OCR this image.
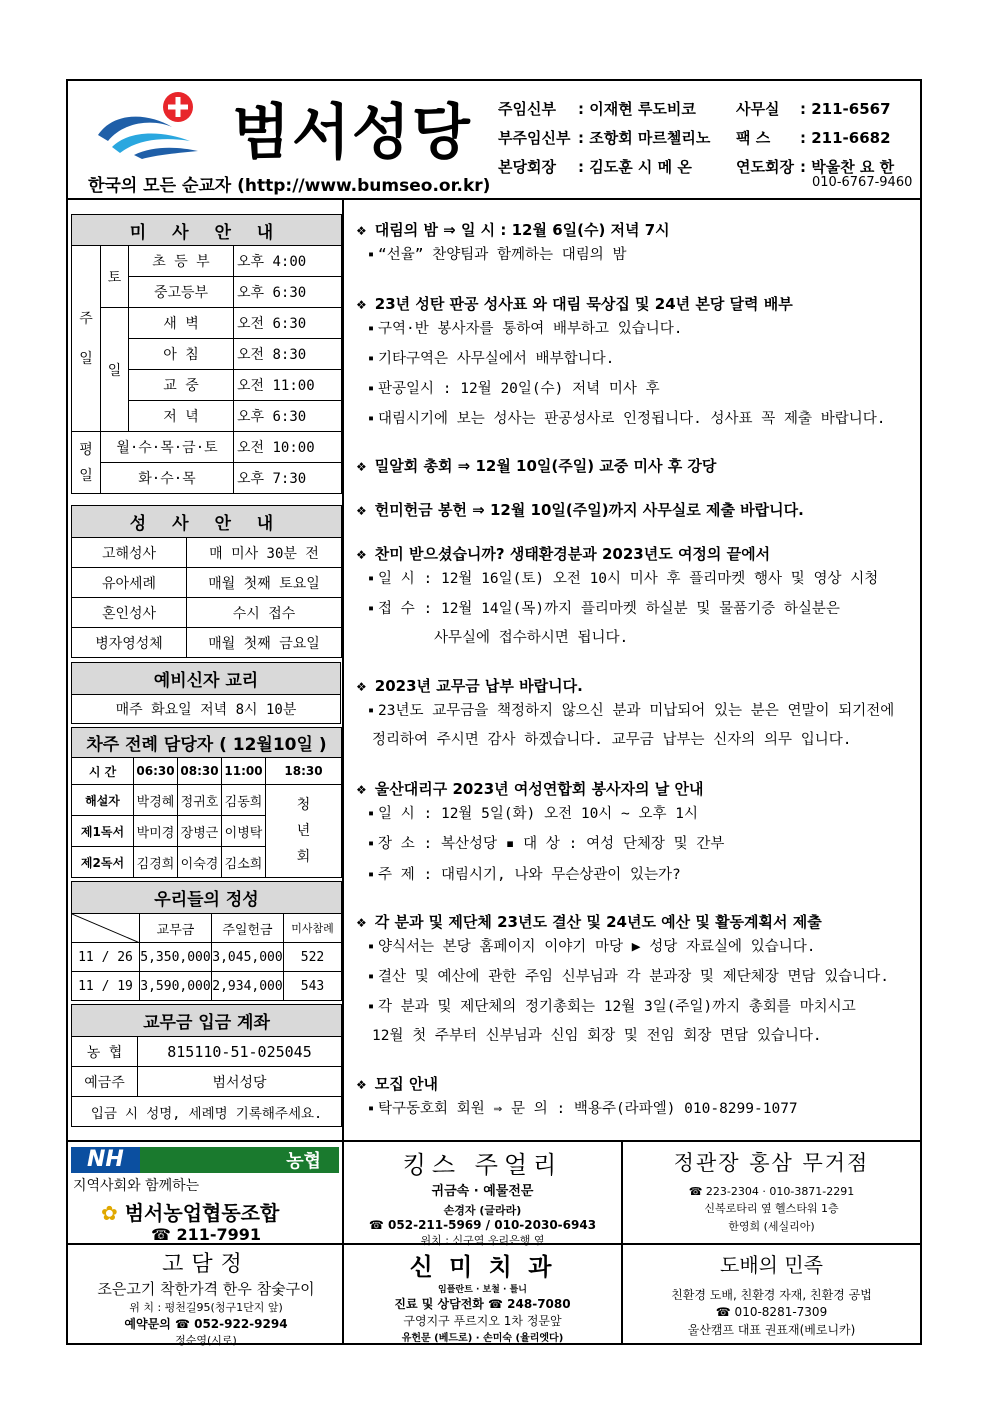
범서성당
한국의 모든 순교자 (http://www.bumseo.or.kr)
주임신부 : 이재현 루도비코
부주임신부 : 조항회 마르첼리노
본당회장 : 김도훈 시 메 온
사무실 : 211-6567
팩 스 : 211-6682
연도회장 : 박울찬 요 한
010-6767-9460
미 사 안 내			
주

일	토	초 등 부	오후 4:00
		중고등부	오후 6:30
	일	새 벽	오전 6:30
		아 침	오전 8:30
		교 중	오전 11:00
		저 녁	오후 6:30
평
일	월·수·목·금·토		오전 10:00
	화·수·목		오후 7:30
성 사 안 내	
고해성사	매 미사 30분 전
유아세례	매월 첫째 토요일
혼인성사	수시 접수
병자영성체	매월 첫째 금요일
예비신자 교리
매주 화요일 저녁 8시 10분
차주 전례 담당자 ( 12월10일 )				
시 간	06:30	08:30	11:00	18:30
해설자	박경혜	정귀호	김동희	청
년
회
제1독서	박미경	장병근	이병탁	
제2독서	김경희	이숙경	김소희	
우리들의 정성			

	교무금	주일헌금	미사참례
11 / 26	5,350,000	3,045,000	522
11 / 19	3,590,000	2,934,000	543
교무금 입금 계좌	
농 협	815110-51-025045
예금주	범서성당
입금 시 성명, 세례명 기록해주세요.	
❖ 대림의 밤 ⇒ 일 시 : 12월 6일(수) 저녁 7시
▪ “선율” 찬양팀과 함께하는 대림의 밤
❖ 23년 성탄 판공 성사표 와 대림 묵상집 및 24년 본당 달력 배부
▪ 구역·반 봉사자를 통하여 배부하고 있습니다.
▪ 기타구역은 사무실에서 배부합니다.
▪ 판공일시 : 12월 20일(수) 저녁 미사 후
▪ 대림시기에 보는 성사는 판공성사로 인정됩니다. 성사표 꼭 제출 바랍니다.
❖ 밀알회 총회 ⇒ 12월 10일(주일) 교중 미사 후 강당
❖ 헌미헌금 봉헌 ⇒ 12월 10일(주일)까지 사무실로 제출 바랍니다.
❖ 찬미 받으셨습니까? 생태환경분과 2023년도 여정의 끝에서
▪ 일 시 : 12월 16일(토) 오전 10시 미사 후 플리마켓 행사 및 영상 시청
▪ 접 수 : 12월 14일(목)까지 플리마켓 하실분 및 물품기증 하실분은
사무실에 접수하시면 됩니다.
❖ 2023년 교무금 납부 바랍니다.
▪ 23년도 교무금을 책정하지 않으신 분과 미납되어 있는 분은 연말이 되기전에
정리하여 주시면 감사 하겠습니다. 교무금 납부는 신자의 의무 입니다.
❖ 울산대리구 2023년 여성연합회 봉사자의 날 안내
▪ 일 시 : 12월 5일(화) 오전 10시 ~ 오후 1시
▪ 장 소 : 복산성당 ▪ 대 상 : 여성 단체장 및 간부
▪ 주 제 : 대림시기, 나와 무슨상관이 있는가?
❖ 각 분과 및 제단체 23년도 결산 및 24년도 예산 및 활동계획서 제출
▪ 양식서는 본당 홈페이지 이야기 마당 ▶ 성당 자료실에 있습니다.
▪ 결산 및 예산에 관한 주임 신부님과 각 분과장 및 제단체장 면담 있습니다.
▪ 각 분과 및 제단체의 정기총회는 12월 3일(주일)까지 총회를 마치시고
12월 첫 주부터 신부님과 신임 회장 및 전임 회장 면담 있습니다.
❖ 모집 안내
▪ 탁구동호회 회원 ⇒ 문 의 : 백용주(라파엘) 010-8299-1077
NH	농협
지역사회와 함께하는
✿ 범서농업협동조합
☎ 211-7991
킹스 주얼리
귀금속 · 예물전문
손경자 (글라라)
☎ 052-211-5969 / 010-2030-6943
위치 : 신구역 우리은행 옆
정관장 홍삼 무거점
☎ 223-2304 · 010-3871-2291
신복로타리 옆 헬스타워 1층
한영희 (세실리아)
고담정
조은고기 착한가격 한우 참숯구이
위 치 : 평천길95(청구1단지 앞)
예약문의 ☎ 052-922-9294
정순영(시로)
신 미 치 과
임플란트 · 보철 · 틀니
진료 및 상담전화 ☎ 248-7080
구영지구 푸르지오 1차 정문앞
유헌문 (베드로) · 손미숙 (율리엣다)
도배의 민족
친환경 도배, 친환경 자재, 친환경 공법
☎ 010-8281-7309
울산캠프 대표 권표재(베로니카)
